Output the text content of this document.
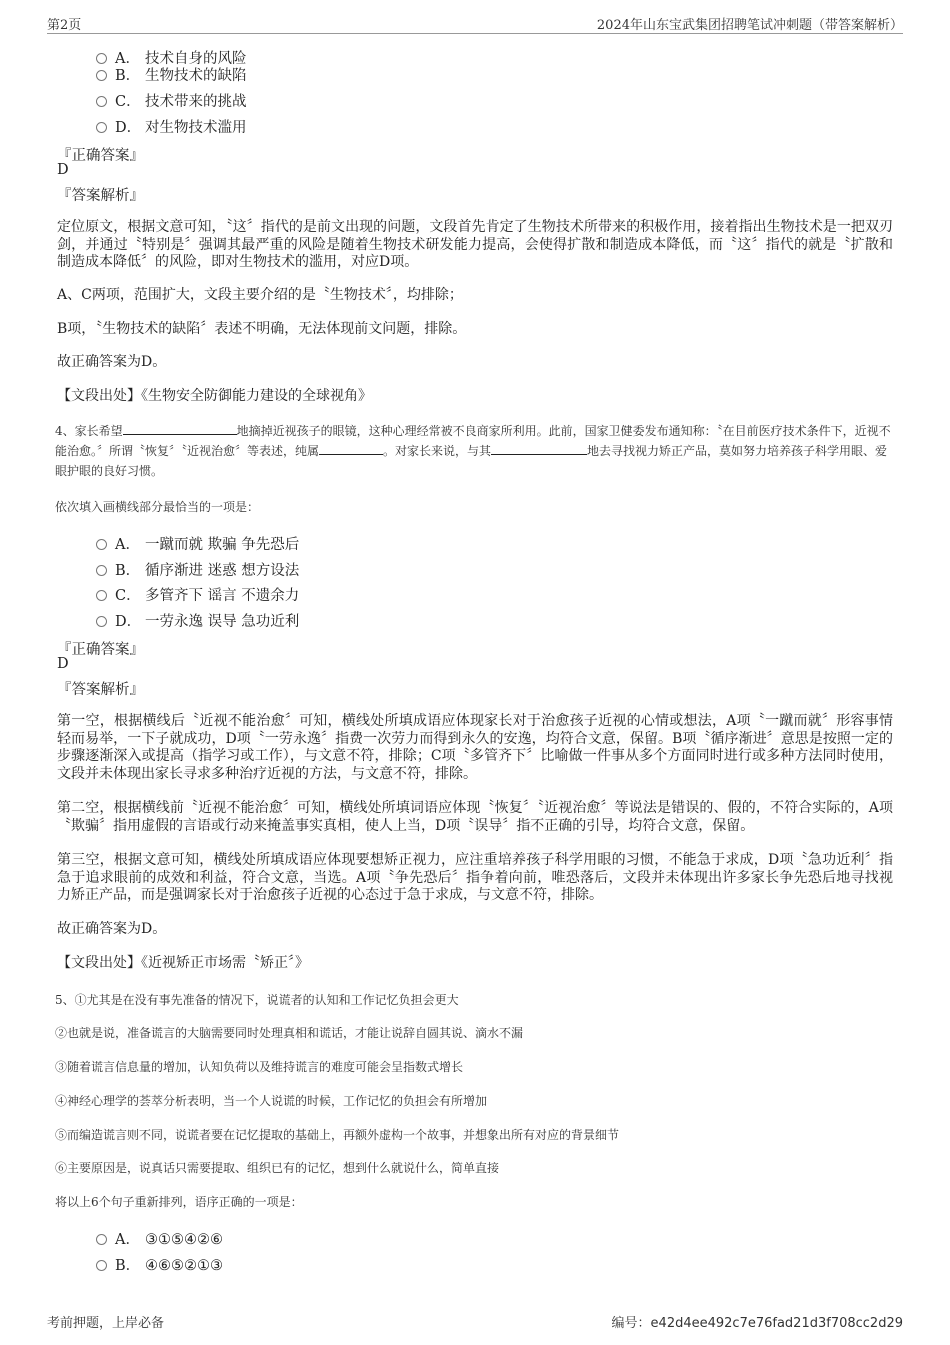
第2页	2024年山东宝武集团招聘笔试冲刺题（带答案解析）
A． 技术自身的风险
B． 生物技术的缺陷
C． 技术带来的挑战
D． 对生物技术滥用
『正确答案』
D
『答案解析』
定位原文，根据文意可知，〝这〞指代的是前文出现的问题，文段首先肯定了生物技术所带来的积极作用，接着指出生物技术是一把双刃剑，并通过〝特别是〞强调其最严重的风险是随着生物技术研发能力提高，会使得扩散和制造成本降低，而〝这〞指代的就是〝扩散和制造成本降低〞的风险，即对生物技术的滥用，对应D项。
A、C两项，范围扩大，文段主要介绍的是〝生物技术〞，均排除；
B项，〝生物技术的缺陷〞表述不明确，无法体现前文问题，排除。
故正确答案为D。
【文段出处】《生物安全防御能力建设的全球视角》
4、家长希望	地摘掉近视孩子的眼镜，这种心理经常被不良商家所利用。此前，国家卫健委发布通知称：〝在目前医疗技术条件下，近视不能治愈。〞所谓〝恢复〞〝近视治愈〞等表述，纯属	。对家长来说，与其	地去寻找视力矫正产品，莫如努力培养孩子科学用眼、爱眼护眼的良好习惯。
依次填入画横线部分最恰当的一项是：
A． 一蹴而就 欺骗 争先恐后
B． 循序渐进 迷惑 想方设法
C． 多管齐下 谣言 不遗余力
D． 一劳永逸 误导 急功近利
『正确答案』
D
『答案解析』
第一空，根据横线后〝近视不能治愈〞可知，横线处所填成语应体现家长对于治愈孩子近视的心情或想法，A项〝一蹴而就〞形容事情轻而易举，一下子就成功，D项〝一劳永逸〞指费一次劳力而得到永久的安逸，均符合文意，保留。B项〝循序渐进〞意思是按照一定的步骤逐渐深入或提高（指学习或工作），与文意不符，排除；C项〝多管齐下〞比喻做一件事从多个方面同时进行或多种方法同时使用，文段并未体现出家长寻求多种治疗近视的方法，与文意不符，排除。
第二空，根据横线前〝近视不能治愈〞可知，横线处所填词语应体现〝恢复〞〝近视治愈〞等说法是错误的、假的，不符合实际的，A项〝欺骗〞指用虚假的言语或行动来掩盖事实真相，使人上当，D项〝误导〞指不正确的引导，均符合文意，保留。
第三空，根据文意可知，横线处所填成语应体现要想矫正视力，应注重培养孩子科学用眼的习惯，不能急于求成，D项〝急功近利〞指急于追求眼前的成效和利益，符合文意，当选。A项〝争先恐后〞指争着向前，唯恐落后，文段并未体现出许多家长争先恐后地寻找视力矫正产品，而是强调家长对于治愈孩子近视的心态过于急于求成，与文意不符，排除。
故正确答案为D。
【文段出处】《近视矫正市场需〝矫正〞》
5、①尤其是在没有事先准备的情况下，说谎者的认知和工作记忆负担会更大
②也就是说，准备谎言的大脑需要同时处理真相和谎话，才能让说辞自圆其说、滴水不漏
③随着谎言信息量的增加，认知负荷以及维持谎言的难度可能会呈指数式增长
④神经心理学的荟萃分析表明，当一个人说谎的时候，工作记忆的负担会有所增加
⑤而编造谎言则不同，说谎者要在记忆提取的基础上，再额外虚构一个故事，并想象出所有对应的背景细节
⑥主要原因是，说真话只需要提取、组织已有的记忆，想到什么就说什么，简单直接
将以上6个句子重新排列，语序正确的一项是：
A． ③①⑤④②⑥
B． ④⑥⑤②①③
考前押题，上岸必备	编号：e42d4ee492c7e76fad21d3f708cc2d29
